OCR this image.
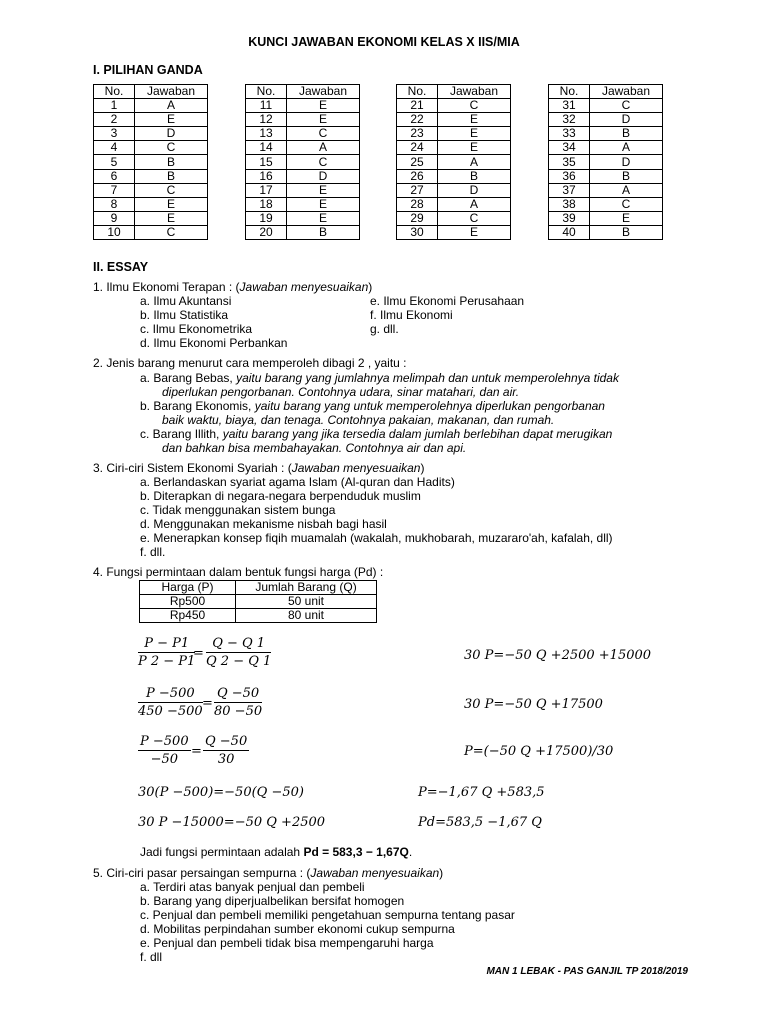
KUNCI JAWABAN EKONOMI KELAS X IIS/MIA
I. PILIHAN GANDA
No.	Jawaban
1	A
2	E
3	D
4	C
5	B
6	B
7	C
8	E
9	E
10	C
No.	Jawaban
11	E
12	E
13	C
14	A
15	C
16	D
17	E
18	E
19	E
20	B
No.	Jawaban
21	C
22	E
23	E
24	E
25	A
26	B
27	D
28	A
29	C
30	E
No.	Jawaban
31	C
32	D
33	B
34	A
35	D
36	B
37	A
38	C
39	E
40	B
II. ESSAY
1. Ilmu Ekonomi Terapan : (Jawaban menyesuaikan)
a. Ilmu Akuntansi
b. Ilmu Statistika
c. Ilmu Ekonometrika
d. Ilmu Ekonomi Perbankan
e. Ilmu Ekonomi Perusahaan
f. Ilmu Ekonomi
g. dll.
2. Jenis barang menurut cara memperoleh dibagi 2 , yaitu :
a. Barang Bebas, yaitu barang yang jumlahnya melimpah dan untuk memperolehnya tidak
diperlukan pengorbanan. Contohnya udara, sinar matahari, dan air.
b. Barang Ekonomis, yaitu barang yang untuk memperolehnya diperlukan pengorbanan
baik waktu, biaya, dan tenaga. Contohnya pakaian, makanan, dan rumah.
c. Barang Illith, yaitu barang yang jika tersedia dalam jumlah berlebihan dapat merugikan
dan bahkan bisa membahayakan. Contohnya air dan api.
3. Ciri-ciri Sistem Ekonomi Syariah : (Jawaban menyesuaikan)
a. Berlandaskan syariat agama Islam (Al-quran dan Hadits)
b. Diterapkan di negara-negara berpenduduk muslim
c. Tidak menggunakan sistem bunga
d. Menggunakan mekanisme nisbah bagi hasil
e. Menerapkan konsep fiqih muamalah (wakalah, mukhobarah, muzararo'ah, kafalah, dll)
f. dll.
4. Fungsi permintaan dalam bentuk fungsi harga (Pd) :
Harga (P)	Jumlah Barang (Q)
Rp500	50 unit
Rp450	80 unit
$\frac{P - P1}{P 2 - P1}$
= $\frac{Q - Q 1}{Q 2 - Q 1}$
$\frac{P -500}{450 -500} = \frac{Q -50}{80 -50}$
$\frac{P -500}{-50} = \frac{Q -50}{30}$
30(P −500)=−50(Q −50)
30 P −15000=−50 Q +2500
30 P=−50 Q +2500 +15000
30 P=−50 Q +17500
P=(−50 Q +17500)/30
P=−1,67 Q +583,5
Pd=583,5 −1,67 Q
Jadi fungsi permintaan adalah Pd = 583,3 − 1,67Q.
5. Ciri-ciri pasar persaingan sempurna : (Jawaban menyesuaikan)
a. Terdiri atas banyak penjual dan pembeli
b. Barang yang diperjualbelikan bersifat homogen
c. Penjual dan pembeli memiliki pengetahuan sempurna tentang pasar
d. Mobilitas perpindahan sumber ekonomi cukup sempurna
e. Penjual dan pembeli tidak bisa mempengaruhi harga
f. dll
MAN 1 LEBAK - PAS GANJIL TP 2018/2019
